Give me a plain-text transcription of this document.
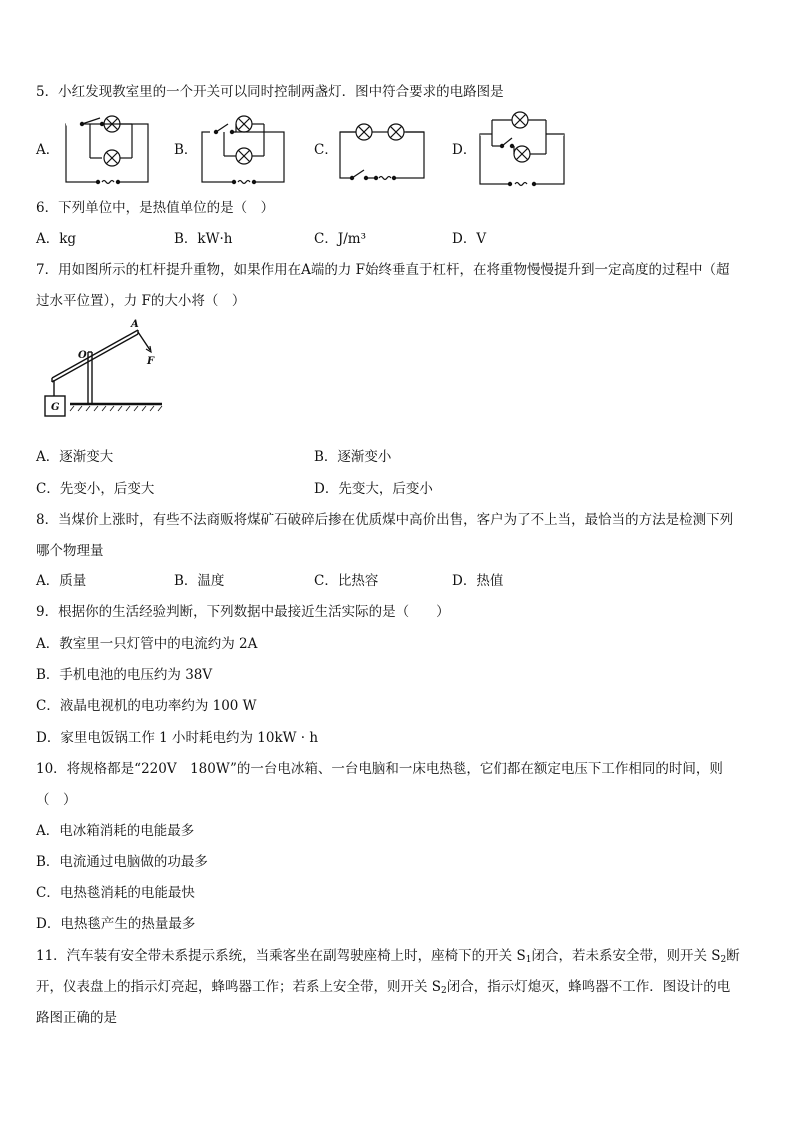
5．小红发现教室里的一个开关可以同时控制两盏灯．图中符合要求的电路图是
A．	B．	C．	D．
6．下列单位中，是热值单位的是（　）
A．kg	B．kW·h	C．J/m³	D．V
7．用如图所示的杠杆提升重物，如果作用在A端的力 F始终垂直于杠杆，在将重物慢慢提升到一定高度的过程中（超
过水平位置），力 F的大小将（　）
A
O
F
G
A．逐渐变大	B．逐渐变小
C．先变小，后变大	D．先变大，后变小
8．当煤价上涨时，有些不法商贩将煤矿石破碎后掺在优质煤中高价出售，客户为了不上当，最恰当的方法是检测下列
哪个物理量
A．质量	B．温度	C．比热容	D．热值
9．根据你的生活经验判断，下列数据中最接近生活实际的是（　　）
A．教室里一只灯管中的电流约为 2A
B．手机电池的电压约为 38V
C．液晶电视机的电功率约为 100 W
D．家里电饭锅工作 1 小时耗电约为 10kW · h
10．将规格都是“220V　180W”的一台电冰箱、一台电脑和一床电热毯，它们都在额定电压下工作相同的时间，则
（　）
A．电冰箱消耗的电能最多
B．电流通过电脑做的功最多
C．电热毯消耗的电能最快
D．电热毯产生的热量最多
11．汽车装有安全带未系提示系统，当乘客坐在副驾驶座椅上时，座椅下的开关 $S_1$闭合，若未系安全带，则开关 $S_2$断
开，仪表盘上的指示灯亮起，蜂鸣器工作；若系上安全带，则开关 $S_2$闭合，指示灯熄灭，蜂鸣器不工作．图设计的电
路图正确的是
